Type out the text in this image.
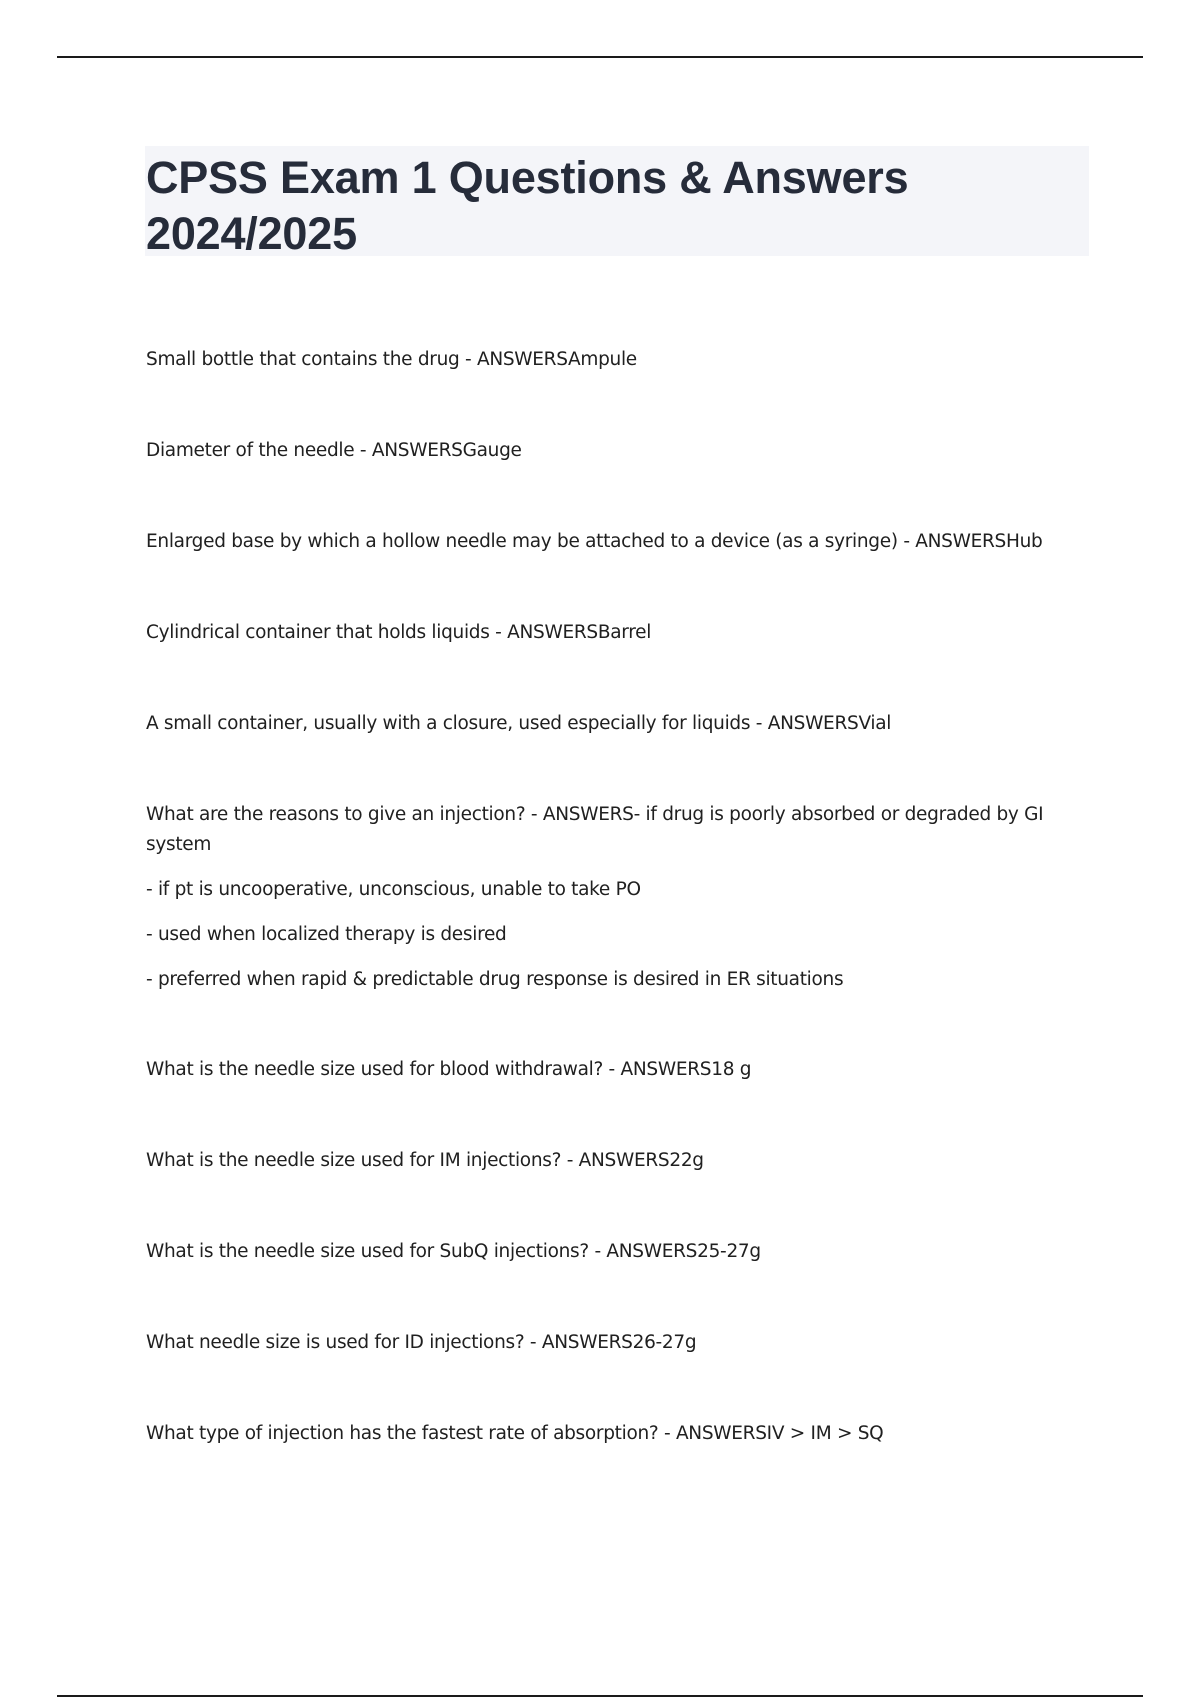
CPSS Exam 1 Questions & Answers 2024/2025

Small bottle that contains the drug - ANSWERSAmpule

Diameter of the needle - ANSWERSGauge

Enlarged base by which a hollow needle may be attached to a device (as a syringe) - ANSWERSHub

Cylindrical container that holds liquids - ANSWERSBarrel

A small container, usually with a closure, used especially for liquids - ANSWERSVial

What are the reasons to give an injection? - ANSWERS- if drug is poorly absorbed or degraded by GI system

- if pt is uncooperative, unconscious, unable to take PO

- used when localized therapy is desired

- preferred when rapid & predictable drug response is desired in ER situations

What is the needle size used for blood withdrawal? - ANSWERS18 g

What is the needle size used for IM injections? - ANSWERS22g

What is the needle size used for SubQ injections? - ANSWERS25-27g

What needle size is used for ID injections? - ANSWERS26-27g

What type of injection has the fastest rate of absorption? - ANSWERSIV > IM > SQ
